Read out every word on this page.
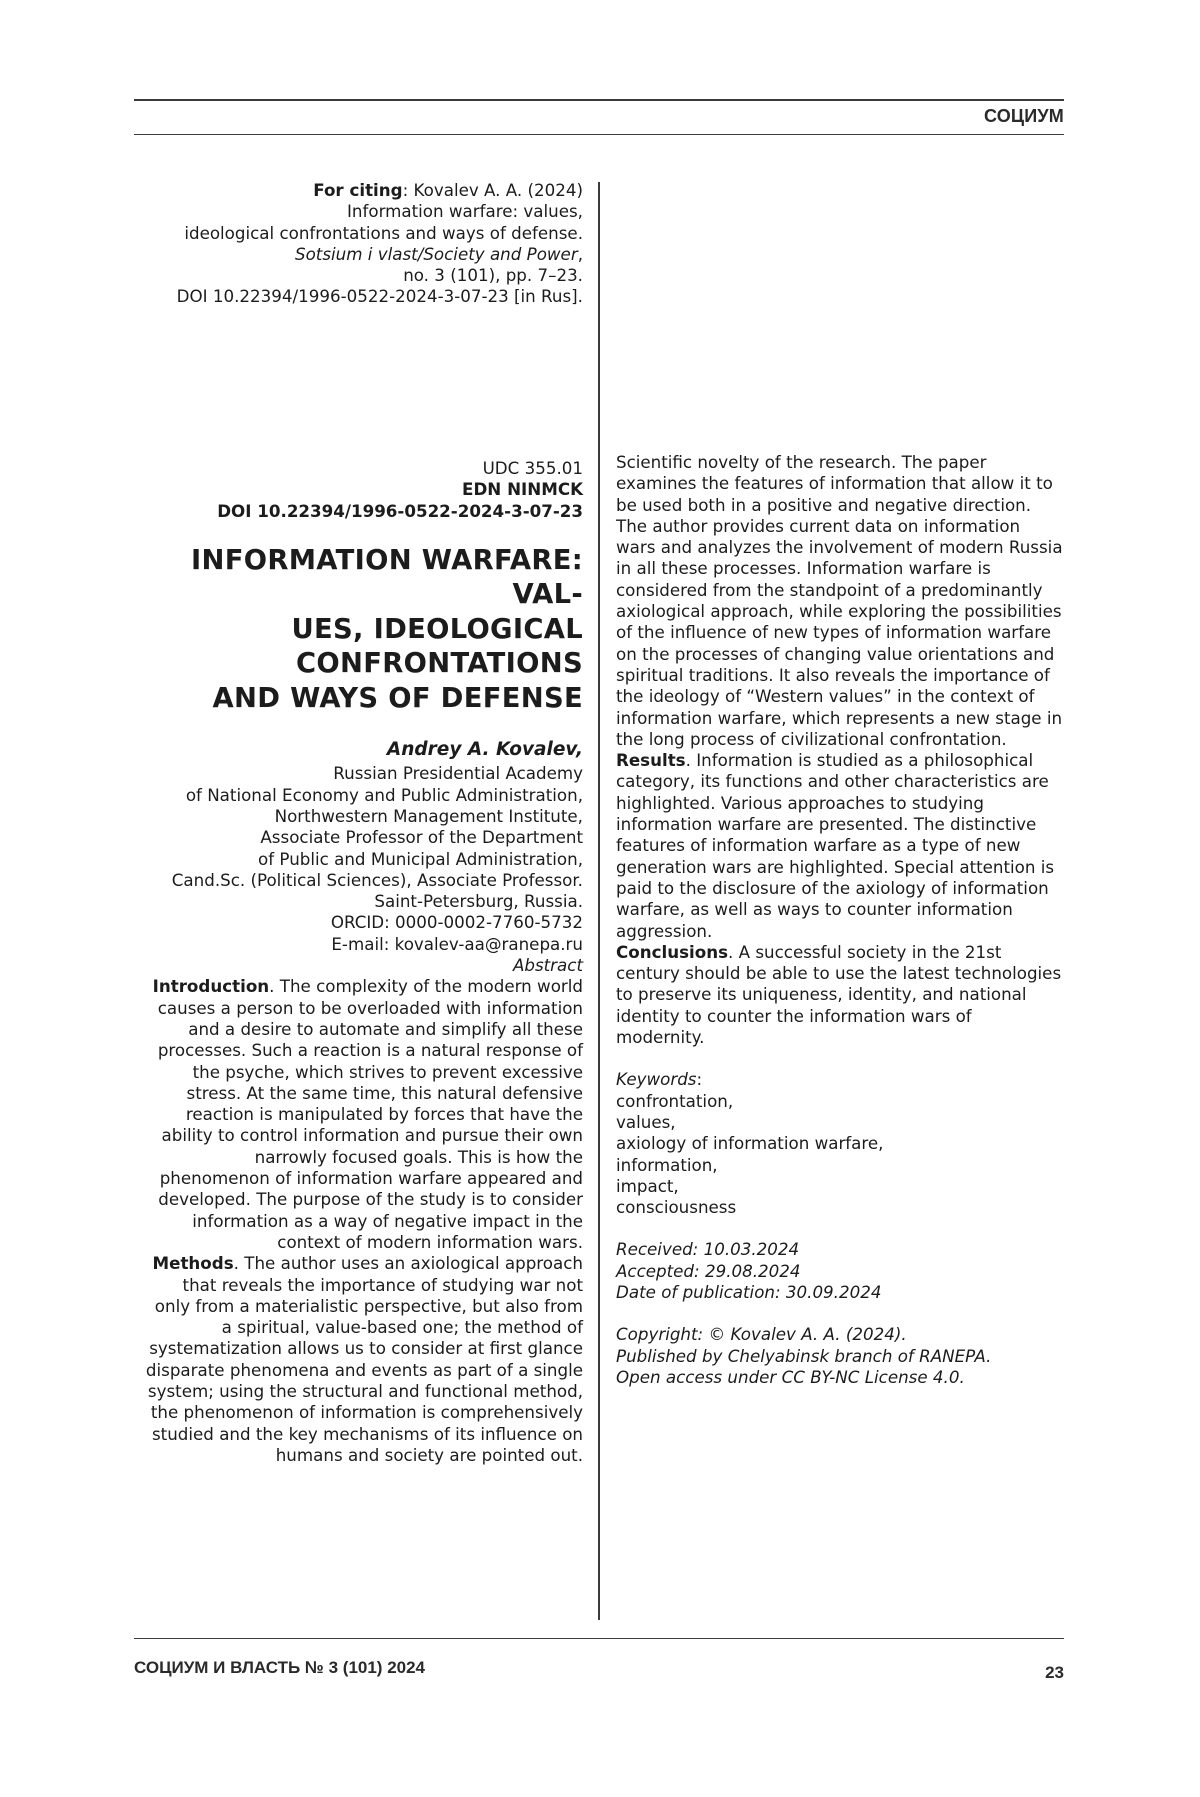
СОЦИУМ

For citing: Kovalev A. A. (2024)

Information warfare: values,

ideological confrontations and ways of defense.

Sotsium i vlast/Society and Power,

no. 3 (101), pp. 7–23.

DOI 10.22394/1996-0522-2024-3-07-23 [in Rus].

UDC 355.01

EDN NINMCK

DOI 10.22394/1996-0522-2024-3-07-23

INFORMATION WARFARE: VAL-
UES, IDEOLOGICAL
CONFRONTATIONS
AND WAYS OF DEFENSE
Andrey A. Kovalev,

Russian Presidential Academy

of National Economy and Public Administration,

Northwestern Management Institute,

Associate Professor of the Department

of Public and Municipal Administration,

Cand.Sc. (Political Sciences), Associate Professor.

Saint-Petersburg, Russia.

ORCID: 0000-0002-7760-5732

E-mail: kovalev-aa@ranepa.ru

Abstract

Introduction. The complexity of the modern world causes a person to be overloaded with information and a desire to automate and simplify all these processes. Such a reaction is a natural response of the psyche, which strives to prevent excessive stress. At the same time, this natural defensive reaction is manipulated by forces that have the ability to control information and pursue their own narrowly focused goals. This is how the phenomenon of information warfare appeared and developed. The purpose of the study is to consider information as a way of negative impact in the context of modern information wars.

Methods. The author uses an axiological approach that reveals the importance of studying war not only from a materialistic perspective, but also from a spiritual, value-based one; the method of systematization allows us to consider at first glance disparate phenomena and events as part of a single system; using the structural and functional method, the phenomenon of information is comprehensively studied and the key mechanisms of its influence on humans and society are pointed out.

Scientific novelty of the research. The paper examines the features of information that allow it to be used both in a positive and negative direction. The author provides current data on information wars and analyzes the involvement of modern Russia in all these processes. Information warfare is considered from the standpoint of a predominantly axiological approach, while exploring the possibilities of the influence of new types of information warfare on the processes of changing value orientations and spiritual traditions. It also reveals the importance of the ideology of “Western values” in the context of information warfare, which represents a new stage in the long process of civilizational confrontation.

Results. Information is studied as a philosophical category, its functions and other characteristics are highlighted. Various approaches to studying information warfare are presented. The distinctive features of information warfare as a type of new generation wars are highlighted. Special attention is paid to the disclosure of the axiology of information warfare, as well as ways to counter information aggression.

Conclusions. A successful society in the 21st century should be able to use the latest technologies to preserve its uniqueness, identity, and national identity to counter the information wars of modernity.

Keywords:

confrontation,

values,

axiology of information warfare,

information,

impact,

consciousness

Received: 10.03.2024

Accepted: 29.08.2024

Date of publication: 30.09.2024

Copyright: © Kovalev A. A. (2024).

Published by Chelyabinsk branch of RANEPA.

Open access under CC BY-NC License 4.0.

СОЦИУМ И ВЛАСТЬ № 3 (101) 2024	23
